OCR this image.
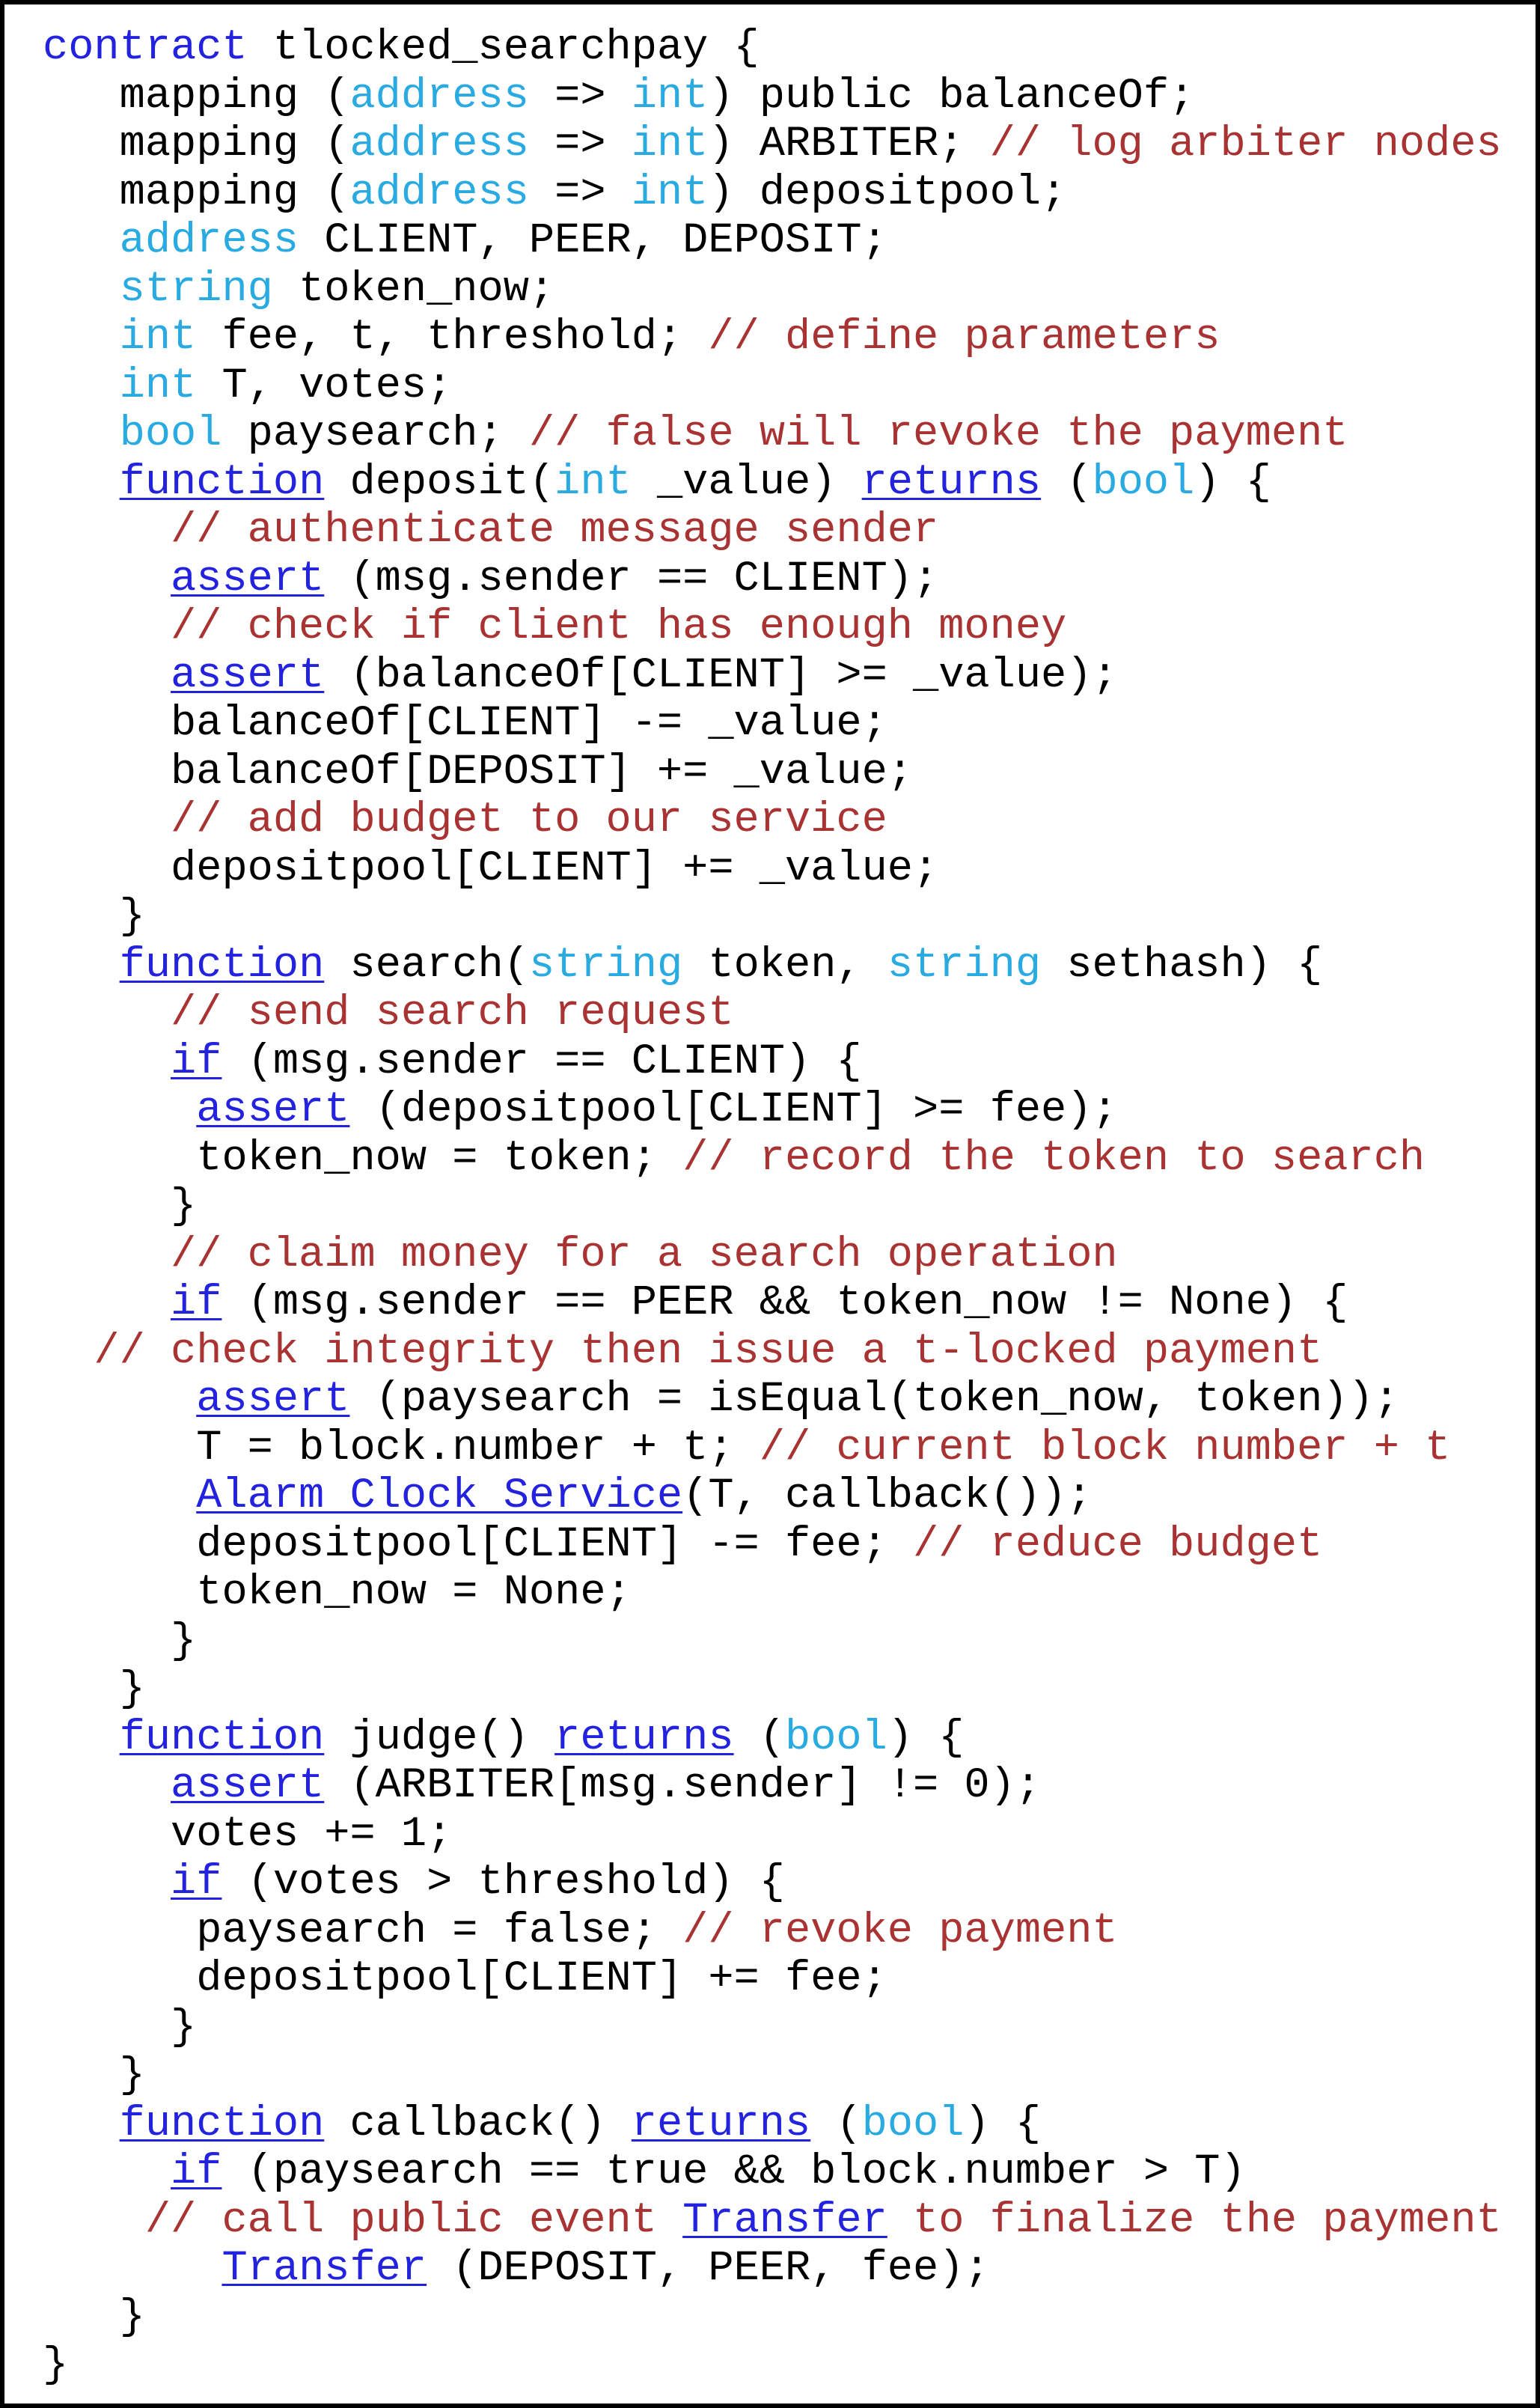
contract tlocked_searchpay {
mapping (address => int) public balanceOf;
mapping (address => int) ARBITER; // log arbiter nodes
mapping (address => int) depositpool;
address CLIENT, PEER, DEPOSIT;
string token_now;
int fee, t, threshold; // define parameters
int T, votes;
bool paysearch; // false will revoke the payment
function deposit(int _value) returns (bool) {
// authenticate message sender
assert (msg.sender == CLIENT);
// check if client has enough money
assert (balanceOf[CLIENT] >= _value);
balanceOf[CLIENT] -= _value;
balanceOf[DEPOSIT] += _value;
// add budget to our service
depositpool[CLIENT] += _value;
}
function search(string token, string sethash) {
// send search request
if (msg.sender == CLIENT) {
assert (depositpool[CLIENT] >= fee);
token_now = token; // record the token to search
}
// claim money for a search operation
if (msg.sender == PEER && token_now != None) {
// check integrity then issue a t-locked payment
assert (paysearch = isEqual(token_now, token));
T = block.number + t; // current block number + t
Alarm Clock Service(T, callback());
depositpool[CLIENT] -= fee; // reduce budget
token_now = None;
}
}
function judge() returns (bool) {
assert (ARBITER[msg.sender] != 0);
votes += 1;
if (votes > threshold) {
paysearch = false; // revoke payment
depositpool[CLIENT] += fee;
}
}
function callback() returns (bool) {
if (paysearch == true && block.number > T)
// call public event Transfer to finalize the payment
Transfer (DEPOSIT, PEER, fee);
}
}
